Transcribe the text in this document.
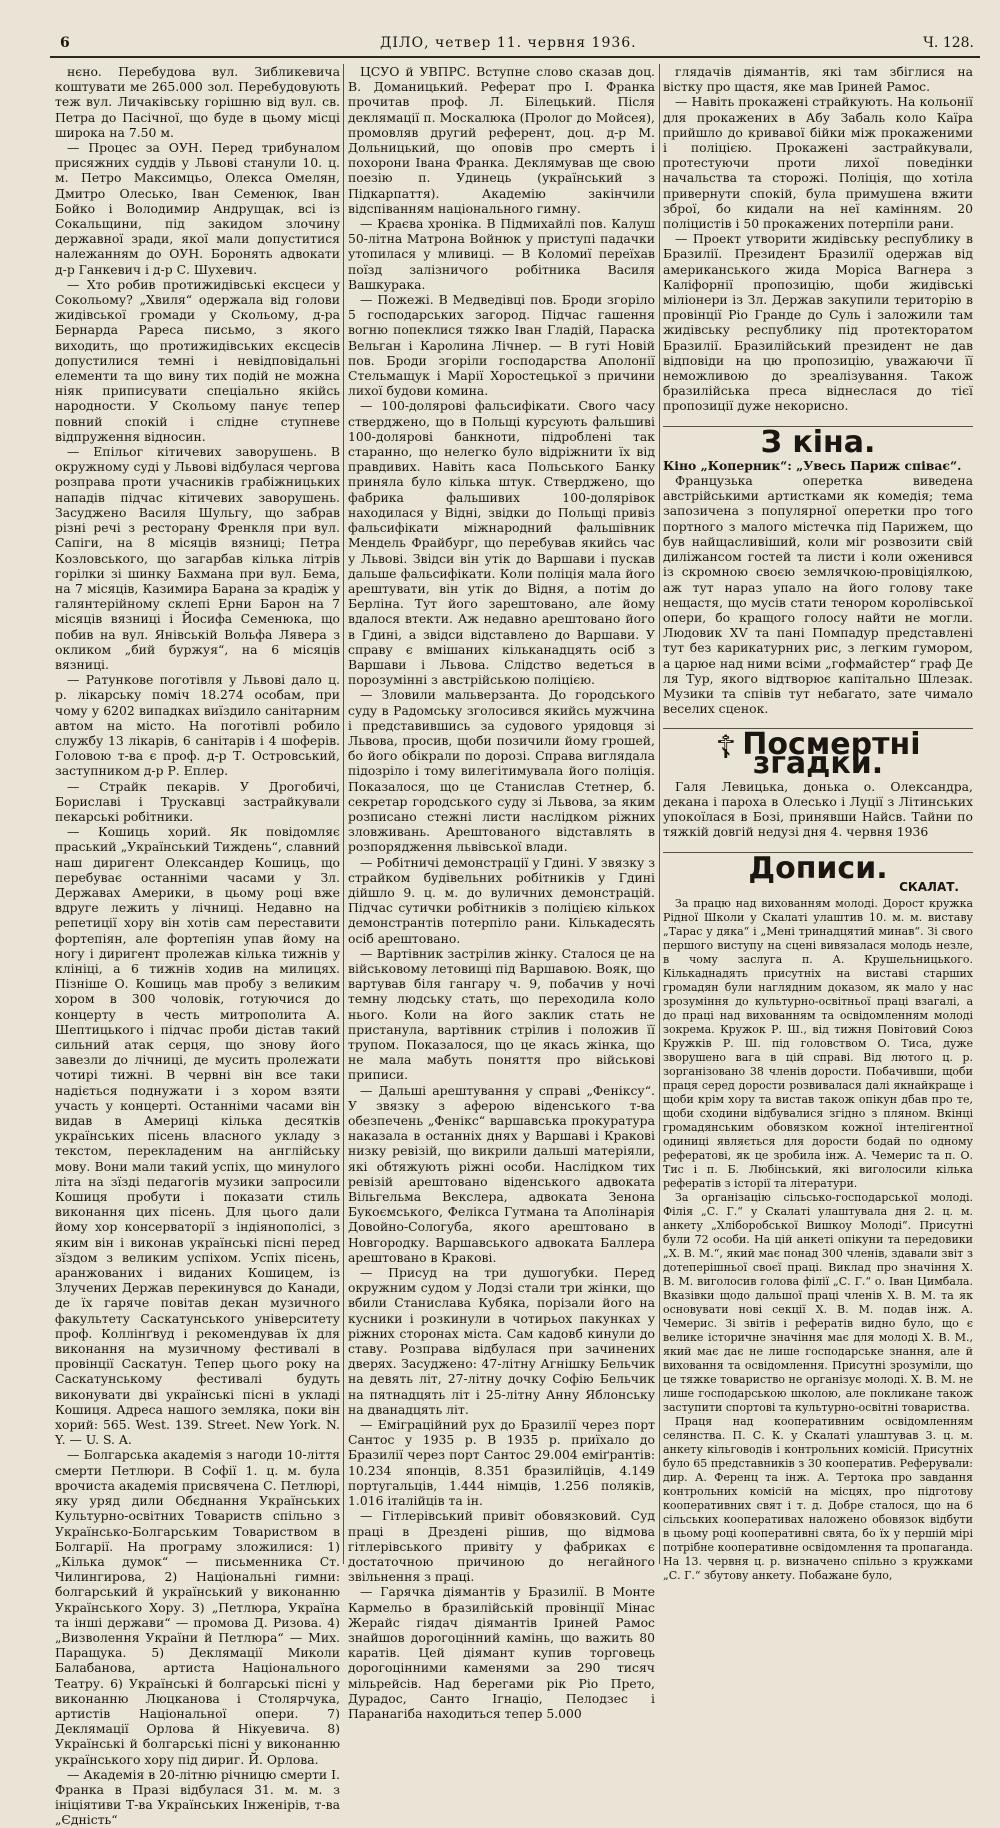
6	ДІЛО, четвер 11. червня 1936.	Ч. 128.

нєно. Перебудова вул. Зибликевича коштувати ме 265.000 зол. Перебудовують теж вул. Личаківську горішню від вул. св. Петра до Пасічної, що буде в цьому місці широка на 7.50 м.

— Процес за ОУН. Перед трибуналом присяжних суддів у Львові станули 10. ц. м. Петро Максимцьо, Олекса Омелян, Дмитро Олесько, Іван Семенюк, Іван Бойко і Володимир Андрущак, всі із Сокальщини, під закидом злочину державної зради, якої мали допуститися належанням до ОУН. Боронять адвокати д-р Ганкевич і д-р С. Шухевич.

— Хто робив протижидівські ексцеси у Сокольому? „Хвиля“ одержала від голови жидівської громади у Скольому, д-ра Бернарда Рареса письмо, з якого виходить, що протижидівських ексцесів допустилися темні і невідповідальні елементи та що вину тих подій не можна ніяк приписувати спеціально якійсь народности. У Скольому панує тепер повний спокій і слідне ступневе відпруження відносин.

— Епільог кітичевих заворушень. В окружному суді у Львові відбулася чергова розправа проти учасників грабіжницьких нападів підчас кітичевих заворушень. Засуджено Василя Шульгу, що забрав різні речі з ресторану Френкля при вул. Сапіги, на 8 місяців вязниці; Петра Козловського, що загарбав кілька літрів горілки зі шинку Бахмана при вул. Бема, на 7 місяців, Казимира Барана за крадіж у галянтерійному склепі Ерни Барон на 7 місяців вязниці і Йосифа Семенюка, що побив на вул. Янівській Вольфа Лявера з окликом „бий буржуя“, на 6 місяців вязниці.

— Ратункове поготівля у Львові дало ц. р. лікарську поміч 18.274 особам, при чому у 6202 випадках виїздило санітарним автом на місто. На поготівлі робило службу 13 лікарів, 6 санітарів і 4 шоферів. Головою т-ва є проф. д-р Т. Островський, заступником д-р Р. Еплер.

— Страйк пекарів. У Дрогобичі, Бориславі і Трускавці застрайкували пекарські робітники.

— Кошиць хорий. Як повідомляє праський „Український Тиждень“, славний наш диригент Олександер Кошиць, що перебуває останніми часами у Зл. Державах Америки, в цьому році вже вдруге лежить у лічниці. Недавно на репетиції хору він хотів сам переставити фортепіян, але фортепіян упав йому на ногу і диригент пролежав кілька тижнів у клініці, а 6 тижнів ходив на милицях. Пізніше О. Кошиць мав пробу з великим хором в 300 чоловік, готуючися до концерту в честь митрополита А. Шептицького і підчас проби дістав такий сильний атак серця, що знову його завезли до лічниці, де мусить пролежати чотирі тижні. В червні він все таки надіється поднужати і з хором взяти участь у концерті. Останніми часами він видав в Америці кілька десятків українських пісень власного укладу з текстом, перекладеним на англійську мову. Вони мали такий успіх, що минулого літа на зїзді педагогів музики запросили Кошиця пробути і показати стиль виконання цих пісень. Для цього дали йому хор консерваторії з індіянополісі, з яким він і виконав українські пісні перед зїздом з великим успіхом. Успіх пісень, аранжованих і виданих Кошицем, із Злучених Держав перекинувся до Канади, де їх гаряче повітав декан музичного факультету Саскатунського університету проф. Коллінґвуд і рекомендував їх для виконання на музичному фестивалі в провінції Саскатун. Тепер цього року на Саскатунському фестивалі будуть виконувати дві українські пісні в укладі Кошиця. Адреса нашого земляка, поки він хорий: 565. West. 139. Street. New York. N. Y. — U. S. A.

— Болгарська академія з нагоди 10-ліття смерти Петлюри. В Софії 1. ц. м. була врочиста академія присвячена С. Петлюрі, яку уряд дили Обєднання Українських Культурно-освітних Товариств спільно з Українсько-Болгарським Товариством в Болгарії. На програму зложилися: 1) „Кілька думок“ — письменника Ст. Чилингирова, 2) Національні гимни: болгарський й український у виконанню Українського Хору. 3) „Петлюра, Україна та інші держави“ — промова Д. Ризова. 4) „Визволення України й Петлюра“ — Мих. Паращука. 5) Деклямації Миколи Балабанова, артиста Національного Театру. 6) Українські й болгарські пісні у виконанню Люцканова і Столярчука, артистів Національної опери. 7) Деклямації Орлова й Нікуевича. 8) Українські й болгарські пісні у виконанню українського хору під дириг. Й. Орлова.

— Академія в 20-літню річницю смерти І. Франка в Празі відбулася 31. м. м. з ініціятиви Т-ва Українських Інженірів, т-ва „Єдність“

ЦСУО й УВПРС. Вступне слово сказав доц. В. Доманицький. Реферат про І. Франка прочитав проф. Л. Білецький. Після деклямації п. Москалюка (Пролог до Мойсея), промовляв другий референт, доц. д-р М. Дольницький, що оповів про смерть і похорони Івана Франка. Деклямував ще свою поезію п. Удинець (український з Підкарпаття). Академію закінчили відспіванням національного гимну.

— Краєва хроніка. В Підмихайлі пов. Калуш 50-літна Матрона Войнюк у приступі падачки утопилася у мливиці. — В Коломиї переїхав поїзд залізничого робітника Василя Вашкурака.

— Пожежі. В Медведівці пов. Броди згоріло 5 господарських загород. Підчас гашення вогню попеклися тяжко Іван Гладій, Параска Вельган і Каролина Лічнер. — В гуті Новій пов. Броди згоріли господарства Аполонії Стельмащук і Марії Хоростецької з причини лихої будови комина.

— 100-долярові фальсифікати. Свого часу стверджено, що в Польщі курсують фальшиві 100-долярові банкноти, підроблені так старанно, що нелегко було відріжнити їх від правдивих. Навіть каса Польського Банку приняла було кілька штук. Стверджено, що фабрика фальшивих 100-долярівок находилася у Відні, звідки до Польщі привіз фальсифікати міжнародний фальшівник Мендель Фрайбург, що перебував якийсь час у Львові. Звідси він утік до Варшави і пускав дальше фальсифікати. Коли поліція мала його арештувати, він утік до Відня, а потім до Берліна. Тут його зарештовано, але йому вдалося втекти. Аж недавно арештовано його в Гдині, а звідси відставлено до Варшави. У справу є вмішаних кільканадцять осіб з Варшави і Львова. Слідство ведеться в порозумінні з австрійською поліцією.

— Зловили мальверзанта. До городського суду в Радомську зголосився якийсь мужчина і представившись за судового урядовця зі Львова, просив, щоби позичили йому грошей, бо його обікрали по дорозі. Справа виглядала підозріло і тому вилегітимувала його поліція. Показалося, що це Станислав Стетнер, б. секретар городського суду зі Львова, за яким розписано стежні листи наслідком ріжних зловживань. Арештованого відставлять в розпорядження львівської влади.

— Робітничі демонстрації у Гдині. У звязку з страйком будівельних робітників у Гдині дійшло 9. ц. м. до вуличних демонстрацій. Підчас сутички робітників з поліцією кількох демонстрантів потерпіло рани. Кількадесять осіб арештовано.

— Вартівник застрілив жінку. Сталося це на військовому летовищі під Варшавою. Вояк, що вартував біля гангару ч. 9, побачив у ночі темну людську стать, що переходила коло нього. Коли на його заклик стать не пристанула, вартівник стрілив і положив її трупом. Показалося, що це якась жінка, що не мала мабуть поняття про військові приписи.

— Дальші арештування у справі „Феніксу“. У звязку з аферою віденського т-ва обезпечень „Фенікс“ варшавська прокуратура наказала в останніх днях у Варшаві і Кракові низку ревізій, що викрили дальші матеріяли, які обтяжують ріжні особи. Наслідком тих ревізій арештовано віденського адвоката Вільгельма Векслера, адвоката Зенона Букоємського, Фелікса Гутмана та Аполінарія Довойно-Сологуба, якого арештовано в Новгородку. Варшавського адвоката Баллера арештовано в Кракові.

— Присуд на три душогубки. Перед окружним судом у Лодзі стали три жінки, що вбили Станислава Кубяка, порізали його на кусники і розкинули в чотирьох пакунках у ріжних сторонах міста. Сам кадовб кинули до ставу. Розправа відбулася при зачинених дверях. Засуджено: 47-літну Агнішку Бельчик на девять літ, 27-літну дочку Софію Бельчик на пятнадцять літ і 25-літну Анну Яблонську на дванадцять літ.

— Еміграційний рух до Бразилії через порт Сантос у 1935 р. В 1935 р. приїхало до Бразилії через порт Сантос 29.004 еміґрантів: 10.234 японців, 8.351 бразилійців, 4.149 португальців, 1.444 німців, 1.256 поляків, 1.016 італійців та ін.

— Гітлерівський привіт обовязковий. Суд праці в Дрездені рішив, що відмова гітлерівського привіту у фабриках є достаточною причиною до негайного звільнення з праці.

— Гарячка діямантів у Бразилії. В Монте Кармельо в бразилійській провінції Мінас Жерайс гіядач діямантів Іриней Рамос знайшов дорогоцінний камінь, що важить 80 каратів. Цей діямант купив торговець дорогоцінними каменями за 290 тисяч мільрейсів. Над берегами рік Ріо Прето, Дурадос, Санто Ігнаціо, Пелодзес і Паранагіба находиться тепер 5.000

глядачів діямантів, які там збіглися на вістку про щастя, яке мав Іриней Рамос.

— Навіть прокажені страйкують. На кольонії для прокажених в Абу Забаль коло Каїра прийшло до кривавої бійки між прокаженими і поліцією. Прокажені застрайкували, протестуючи проти лихої поведінки начальства та сторожі. Поліція, що хотіла привернути спокій, була примушена вжити зброї, бо кидали на неї камінням. 20 поліцистів і 50 прокажених потерпіли рани.

— Проект утворити жидівську республику в Бразилії. Президент Бразилії одержав від американського жида Моріса Вагнера з Каліфорнії пропозицію, щоби жидівські міліонери із Зл. Держав закупили територію в провінції Ріо Гранде до Суль і заложили там жидівську республику під протекторатом Бразилії. Бразилійський президент не дав відповіди на цю пропозицію, уважаючи її неможливою до зреалізування. Також бразилійська преса віднеслася до тієї пропозиції дуже некорисно.

З кіна.

Кіно „Коперник“: „Увесь Париж співає“.

Французька оперетка виведена австрійськими артистками як комедія; тема запозичена з популярної оперетки про того портного з малого містечка під Парижем, що був найщасливіший, коли міг розвозити свій диліжансом гостей та листи і коли оженився із скромною своєю землячкою-провіціялкою, аж тут нараз упало на його голову таке нещастя, що мусів стати тенором королівської опери, бо кращого голосу найти не могли. Людовик XV та пані Помпадур представлені тут без карикатурних рис, з легким гумором, а царюе над ними всіми „гофмайстер“ граф Де ля Тур, якого відтворює капітально Шлезак. Музики та співів тут небагато, зате чимало веселих сценок.

☦ Посмертні згадки.

Галя Левицька, донька о. Олександра, декана і пароха в Олесько і Луції з Літинських упокоїлася в Бозі, принявши Найсв. Тайни по тяжкій довгій недузі дня 4. червня 1936

Дописи.
СКАЛАТ.

За працю над вихованням молоді. Дорост кружка Рідної Школи у Скалаті улаштив 10. м. м. виставу „Тарас у дяка“ і „Мені тринадцятий минав“. Зі свого першого виступу на сцені вивязалася молодь незле, в чому заслуга п. А. Крушельницького. Кількаднадять присутніх на виставі старших громадян були наглядним доказом, як мало у нас зрозуміння до культурно-освітньої праці взагалі, а до праці над вихованням та освідомленням молоді зокрема. Кружок Р. Ш., від тижня Повітовий Союз Кружків Р. Ш. під головством О. Тиса, дуже зворушено вага в цій справі. Від лютого ц. р. зорганізовано 38 членів дорости. Побачивши, щоби праця серед дорости розвивалася далі якнайкраще і щоби крім хору та вистав також опікун дбав про те, щоби сходини відбувалися згідно з пляном. Вкінці громадянським обовязком кожної інтелігентної одиниці являється для дорости бодай по одному рефератові, як це зробила інж. А. Чемерис та п. О. Тис і п. Б. Любінський, які виголосили кілька рефератів з історії та літератури.

За організацію сільсько-господарської молоді. Філія „С. Г.“ у Скалаті улаштувала дня 2. ц. м. анкету „Хліборобської Вишкоу Молоді“. Присутні були 72 особи. На цій анкеті опікуни та передовики „Х. В. М.“, який має понад 300 членів, здавали звіт з дотеперішньої своєї праці. Виклад про значіння Х. В. М. виголосив голова філії „С. Г.“ о. Іван Цимбала. Вказівки щодо дальшої праці членів Х. В. М. та як основувати нові секції Х. В. М. подав інж. А. Чемерис. Зі звітів і рефератів видно було, що є велике історичне значіння має для молоді Х. В. М., який має дає не лише господарське знання, але й виховання та освідомлення. Присутні зрозуміли, що це тяжке товариство не організує молоді. Х. В. М. не лише господарською школою, але покликане також заступити спортові та культурно-освітні товариства.

Праця над кооперативним освідомленням селянства. П. С. К. у Скалаті улаштував 3. ц. м. анкету кільговодів і контрольних комісій. Присутніх було 65 представників з 30 кооператив. Реферували: дир. А. Ференц та інж. А. Тертока про завдання контрольних комісій на місцях, про підготову кооперативних свят і т. д. Добре сталося, що на 6 сільських кооперативах наложено обовязок відбути в цьому році кооперативні свята, бо їх у першій мірі потрібне кооперативне освідомлення та пропаганда. На 13. червня ц. р. визначено спільно з кружками „С. Г.“ збутову анкету. Побажане було,
